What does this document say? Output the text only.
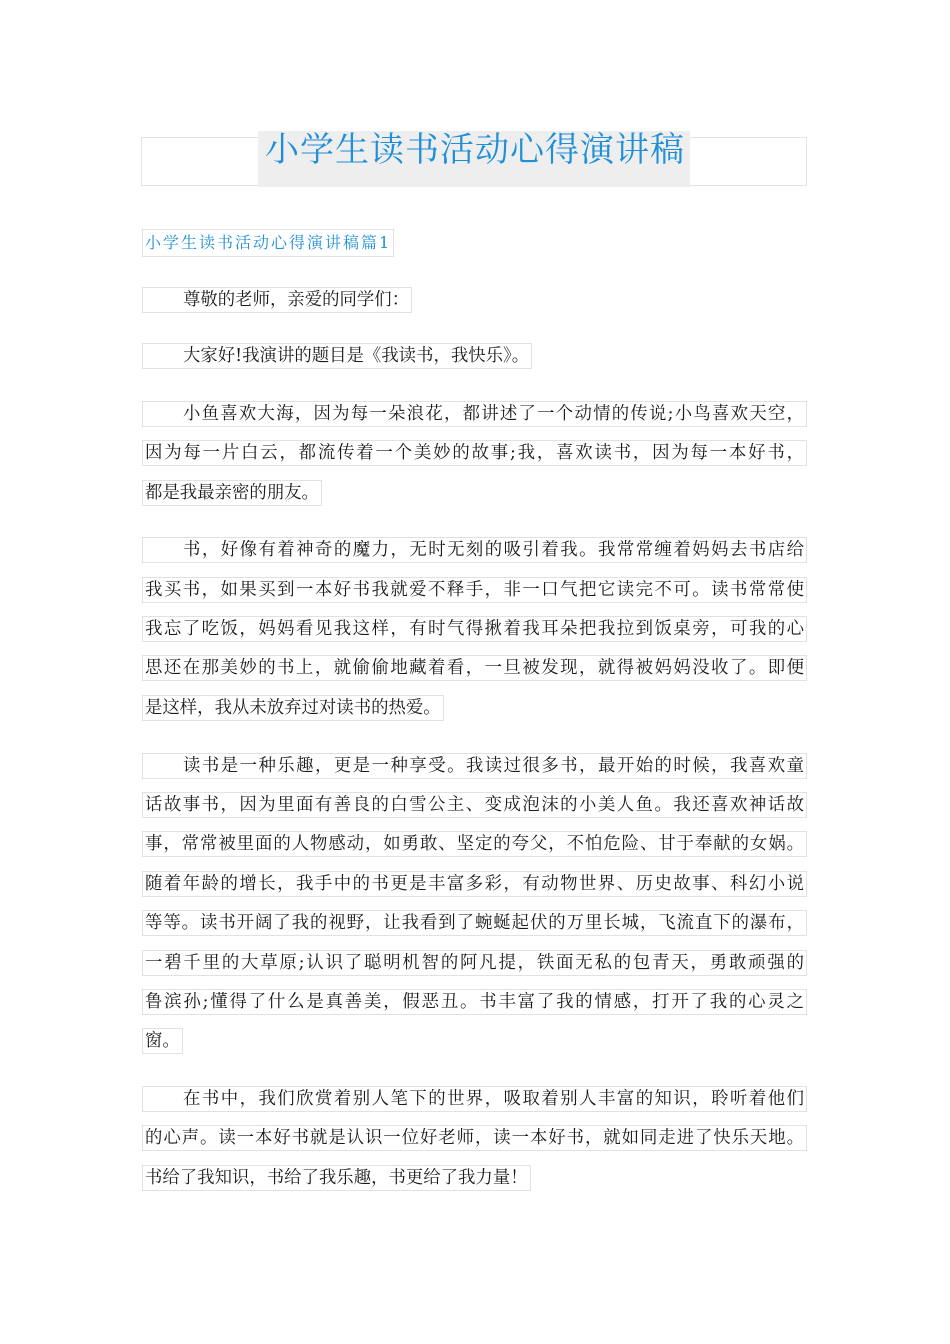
小学生读书活动心得演讲稿
小学生读书活动心得演讲稿篇1
尊敬的老师，亲爱的同学们：
大家好!我演讲的题目是《我读书，我快乐》。
小鱼喜欢大海，因为每一朵浪花，都讲述了一个动情的传说;小鸟喜欢天空，
因为每一片白云，都流传着一个美妙的故事;我，喜欢读书，因为每一本好书，
都是我最亲密的朋友。
书，好像有着神奇的魔力，无时无刻的吸引着我。我常常缠着妈妈去书店给
我买书，如果买到一本好书我就爱不释手，非一口气把它读完不可。读书常常使
我忘了吃饭，妈妈看见我这样，有时气得揪着我耳朵把我拉到饭桌旁，可我的心
思还在那美妙的书上，就偷偷地藏着看，一旦被发现，就得被妈妈没收了。即便
是这样，我从未放弃过对读书的热爱。
读书是一种乐趣，更是一种享受。我读过很多书，最开始的时候，我喜欢童
话故事书，因为里面有善良的白雪公主、变成泡沫的小美人鱼。我还喜欢神话故
事，常常被里面的人物感动，如勇敢、坚定的夸父，不怕危险、甘于奉献的女娲。
随着年龄的增长，我手中的书更是丰富多彩，有动物世界、历史故事、科幻小说
等等。读书开阔了我的视野，让我看到了蜿蜒起伏的万里长城，飞流直下的瀑布，
一碧千里的大草原;认识了聪明机智的阿凡提，铁面无私的包青天，勇敢顽强的
鲁滨孙;懂得了什么是真善美，假恶丑。书丰富了我的情感，打开了我的心灵之
窗。
在书中，我们欣赏着别人笔下的世界，吸取着别人丰富的知识，聆听着他们
的心声。读一本好书就是认识一位好老师，读一本好书，就如同走进了快乐天地。
书给了我知识，书给了我乐趣，书更给了我力量！
